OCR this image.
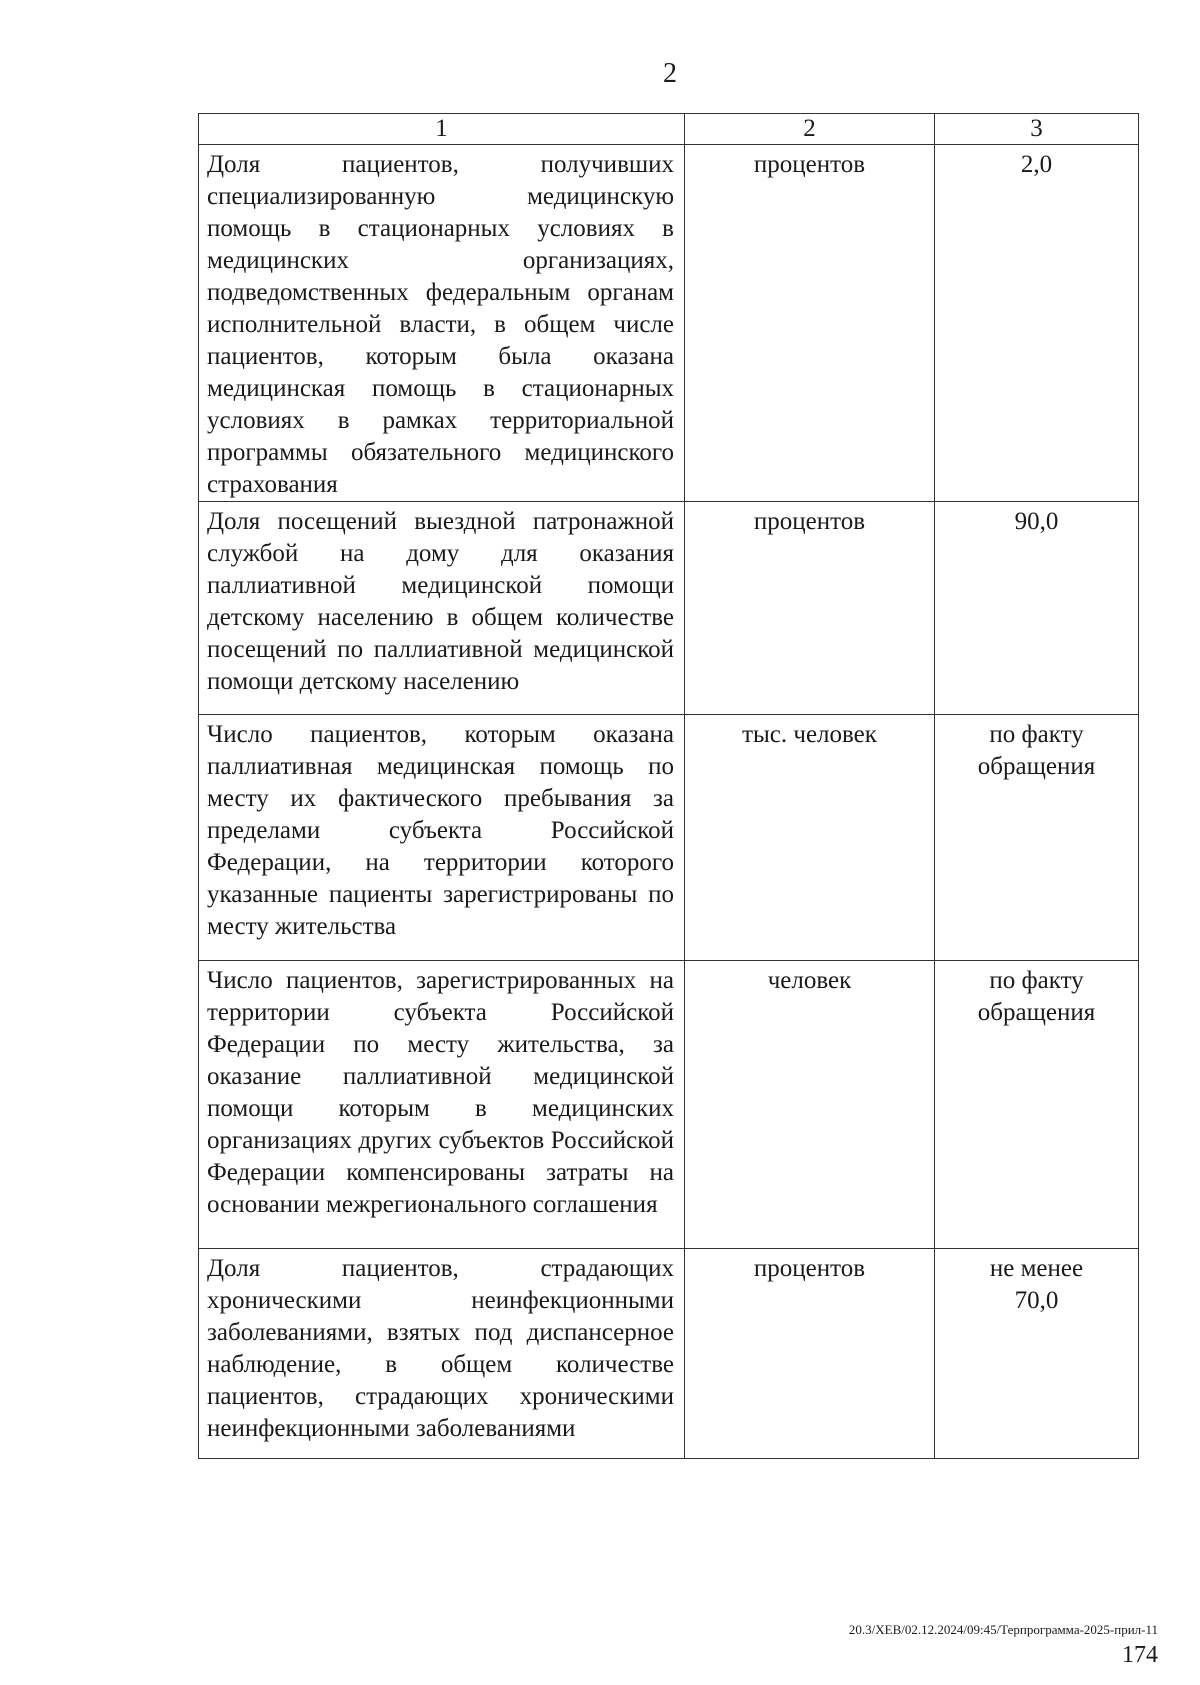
2
1	2	3
Доля пациентов, получивших специализированную медицинскую помощь в стационарных условиях в медицинских организациях, подведомственных федеральным органам исполнительной власти, в общем числе пациентов, которым была оказана медицинская помощь в стационарных условиях в рамках территориальной программы обязательного медицинского страхования	процентов	2,0
Доля посещений выездной патронажной службой на дому для оказания паллиативной медицинской помощи детскому населению в общем количестве посещений по паллиативной медицинской помощи детскому населению	процентов	90,0
Число пациентов, которым оказана паллиативная медицинская помощь по месту их фактического пребывания за пределами субъекта Российской Федерации, на территории которого указанные пациенты зарегистрированы по месту жительства	тыс. человек	по факту
обращения
Число пациентов, зарегистрированных на территории субъекта Российской Федерации по месту жительства, за оказание паллиативной медицинской помощи которым в медицинских организациях других субъектов Российской Федерации компенсированы затраты на основании межрегионального соглашения	человек	по факту
обращения
Доля пациентов, страдающих хроническими неинфекционными заболеваниями, взятых под диспансерное наблюдение, в общем количестве пациентов, страдающих хроническими неинфекционными заболеваниями	процентов	не менее
70,0
20.3/ХЕВ/02.12.2024/09:45/Терпрограмма-2025-прил-11
174
